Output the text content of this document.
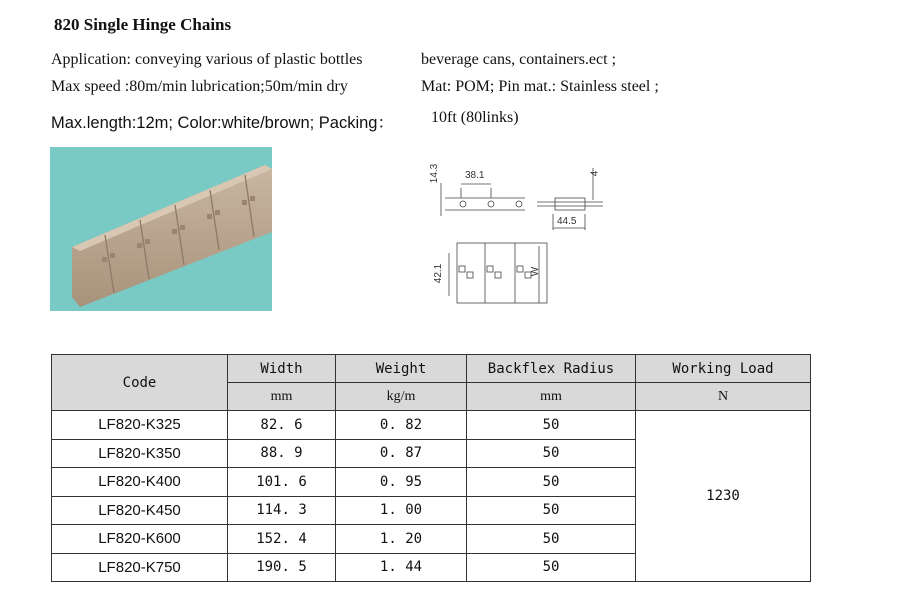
820 Single Hinge Chains
Application: conveying various of plastic bottles	beverage cans, containers.ect ;
Max speed :80m/min lubrication;50m/min dry	Mat: POM; Pin mat.: Stainless steel ;
Max.length:12m; Color:white/brown; Packing： 10ft (80links)
14.3 38.1	4
44.5
42.1	W
Code	Width	Weight	Backflex Radius	Working Load
	mm	kg/m	mm	N
LF820-K325	82. 6	0. 82	50	1230
LF820-K350	88. 9	0. 87	50	
LF820-K400	101. 6	0. 95	50	
LF820-K450	114. 3	1. 00	50	
LF820-K600	152. 4	1. 20	50	
LF820-K750	190. 5	1. 44	50	
